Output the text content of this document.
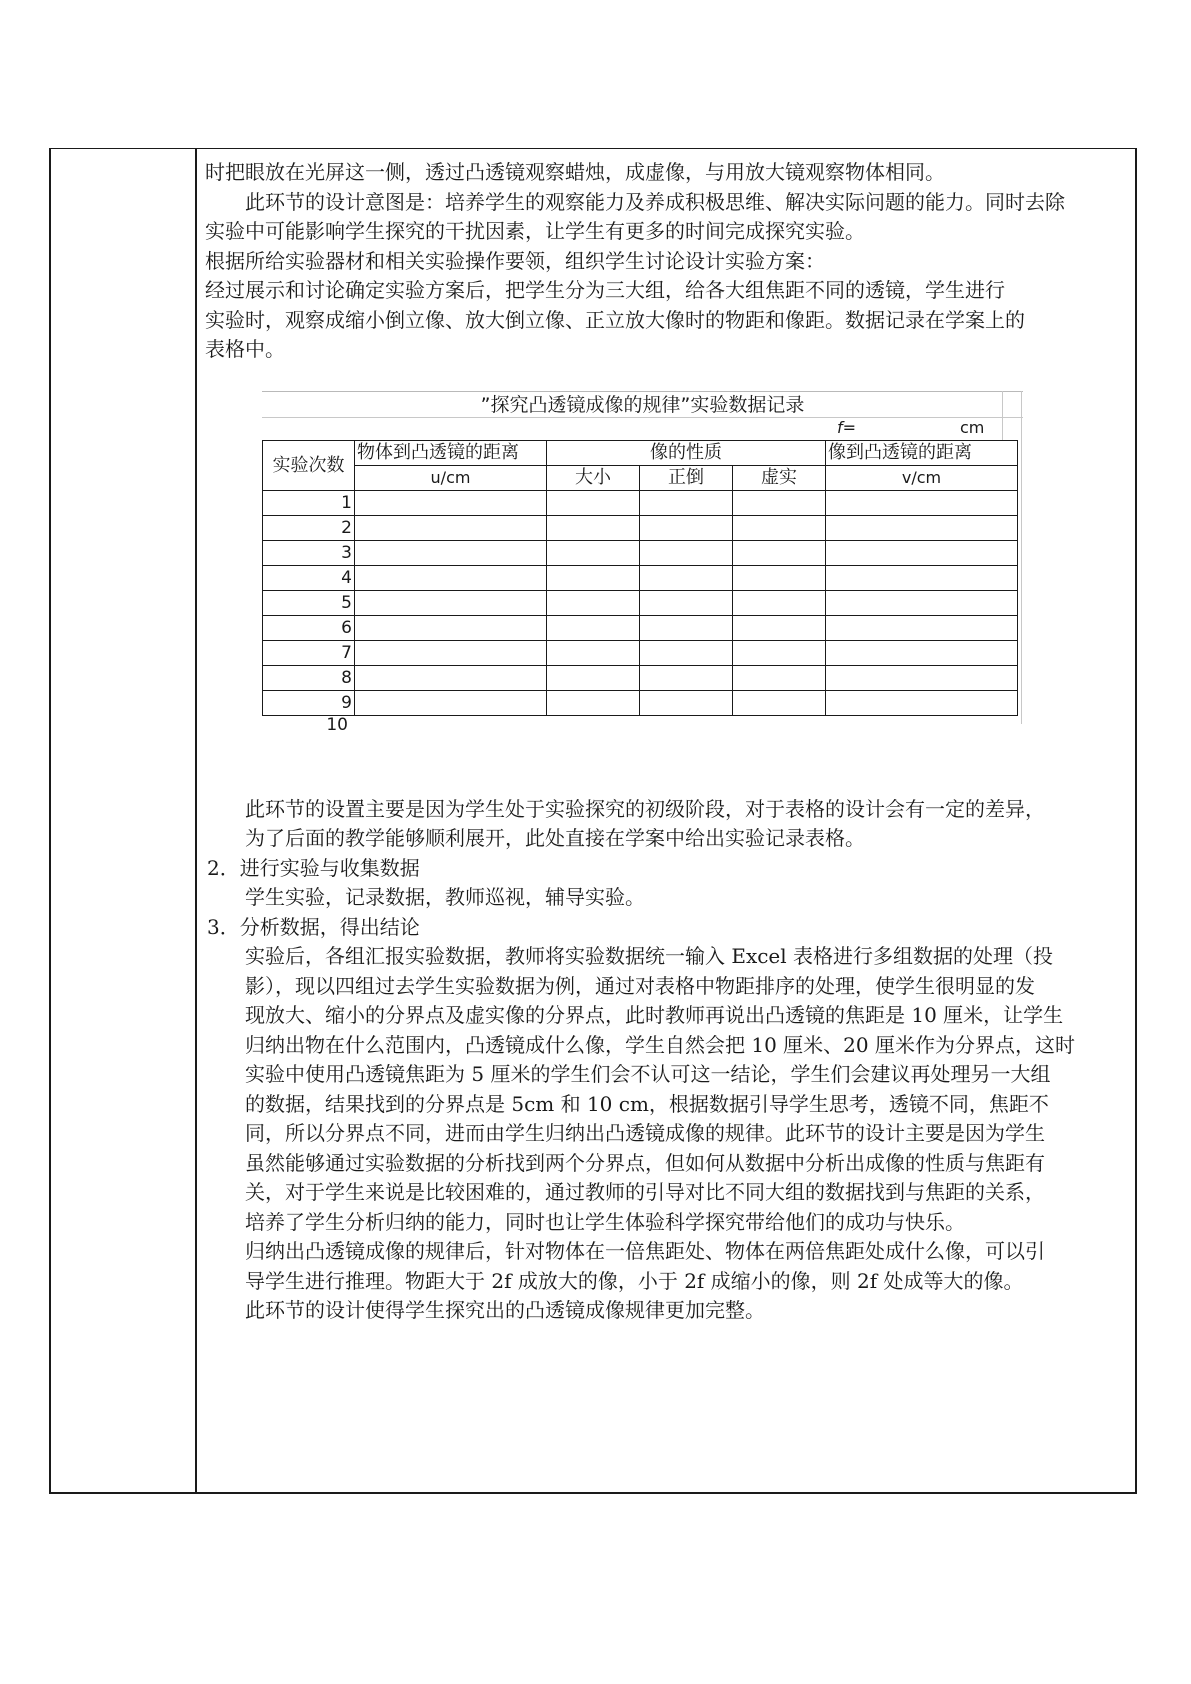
时把眼放在光屏这一侧，透过凸透镜观察蜡烛，成虚像，与用放大镜观察物体相同。

此环节的设计意图是：培养学生的观察能力及养成积极思维、解决实际问题的能力。同时去除

实验中可能影响学生探究的干扰因素，让学生有更多的时间完成探究实验。

根据所给实验器材和相关实验操作要领，组织学生讨论设计实验方案：

经过展示和讨论确定实验方案后，把学生分为三大组，给各大组焦距不同的透镜，学生进行

实验时，观察成缩小倒立像、放大倒立像、正立放大像时的物距和像距。数据记录在学案上的

表格中。

此环节的设置主要是因为学生处于实验探究的初级阶段，对于表格的设计会有一定的差异，

为了后面的教学能够顺利展开，此处直接在学案中给出实验记录表格。

2．进行实验与收集数据

学生实验，记录数据，教师巡视，辅导实验。

3．分析数据，得出结论

实验后，各组汇报实验数据，教师将实验数据统一输入 Excel 表格进行多组数据的处理（投

影），现以四组过去学生实验数据为例，通过对表格中物距排序的处理，使学生很明显的发

现放大、缩小的分界点及虚实像的分界点，此时教师再说出凸透镜的焦距是 10 厘米，让学生

归纳出物在什么范围内，凸透镜成什么像，学生自然会把 10 厘米、20 厘米作为分界点，这时

实验中使用凸透镜焦距为 5 厘米的学生们会不认可这一结论，学生们会建议再处理另一大组

的数据，结果找到的分界点是 5cm 和 10 cm，根据数据引导学生思考，透镜不同，焦距不

同，所以分界点不同，进而由学生归纳出凸透镜成像的规律。此环节的设计主要是因为学生

虽然能够通过实验数据的分析找到两个分界点，但如何从数据中分析出成像的性质与焦距有

关，对于学生来说是比较困难的，通过教师的引导对比不同大组的数据找到与焦距的关系，

培养了学生分析归纳的能力，同时也让学生体验科学探究带给他们的成功与快乐。

归纳出凸透镜成像的规律后，针对物体在一倍焦距处、物体在两倍焦距处成什么像，可以引

导学生进行推理。物距大于 2f 成放大的像，小于 2f 成缩小的像，则 2f 处成等大的像。

此环节的设计使得学生探究出的凸透镜成像规律更加完整。

”探究凸透镜成像的规律”实验数据记录
f=	cm
实验次数	物体到凸透镜的距离	像的性质			像到凸透镜的距离
	u/cm	大小	正倒	虚实	v/cm
1					
2					
3					
4					
5					
6					
7					
8					
9					
10
